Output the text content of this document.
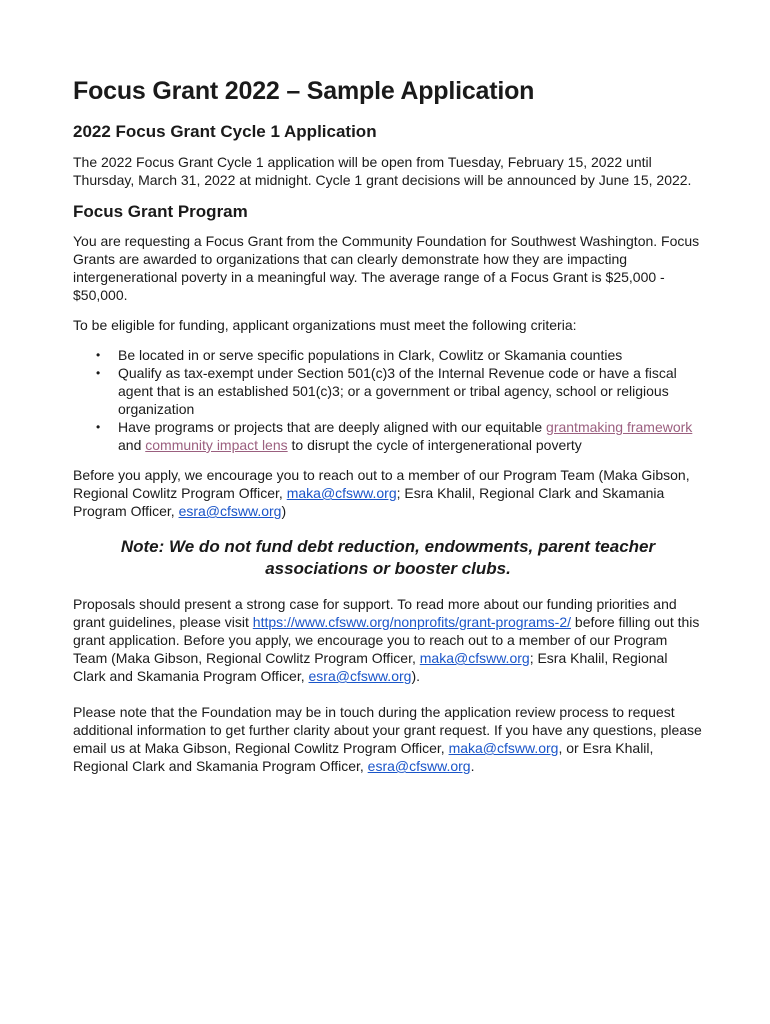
Focus Grant 2022 – Sample Application
2022 Focus Grant Cycle 1 Application

The 2022 Focus Grant Cycle 1 application will be open from Tuesday, February 15, 2022 until Thursday, March 31, 2022 at midnight. Cycle 1 grant decisions will be announced by June 15, 2022.

Focus Grant Program

You are requesting a Focus Grant from the Community Foundation for Southwest Washington. Focus Grants are awarded to organizations that can clearly demonstrate how they are impacting intergenerational poverty in a meaningful way. The average range of a Focus Grant is $25,000 - $50,000.

To be eligible for funding, applicant organizations must meet the following criteria:

• Be located in or serve specific populations in Clark, Cowlitz or Skamania counties
• Qualify as tax-exempt under Section 501(c)3 of the Internal Revenue code or have a fiscal agent that is an established 501(c)3; or a government or tribal agency, school or religious organization
• Have programs or projects that are deeply aligned with our equitable grantmaking framework and community impact lens to disrupt the cycle of intergenerational poverty

Before you apply, we encourage you to reach out to a member of our Program Team (Maka Gibson, Regional Cowlitz Program Officer, maka@cfsww.org; Esra Khalil, Regional Clark and Skamania Program Officer, esra@cfsww.org)

Note: We do not fund debt reduction, endowments, parent teacher associations or booster clubs.

Proposals should present a strong case for support. To read more about our funding priorities and grant guidelines, please visit https://www.cfsww.org/nonprofits/grant-programs-2/ before filling out this grant application. Before you apply, we encourage you to reach out to a member of our Program Team (Maka Gibson, Regional Cowlitz Program Officer, maka@cfsww.org; Esra Khalil, Regional Clark and Skamania Program Officer, esra@cfsww.org).

Please note that the Foundation may be in touch during the application review process to request additional information to get further clarity about your grant request. If you have any questions, please email us at Maka Gibson, Regional Cowlitz Program Officer, maka@cfsww.org, or Esra Khalil, Regional Clark and Skamania Program Officer, esra@cfsww.org.
